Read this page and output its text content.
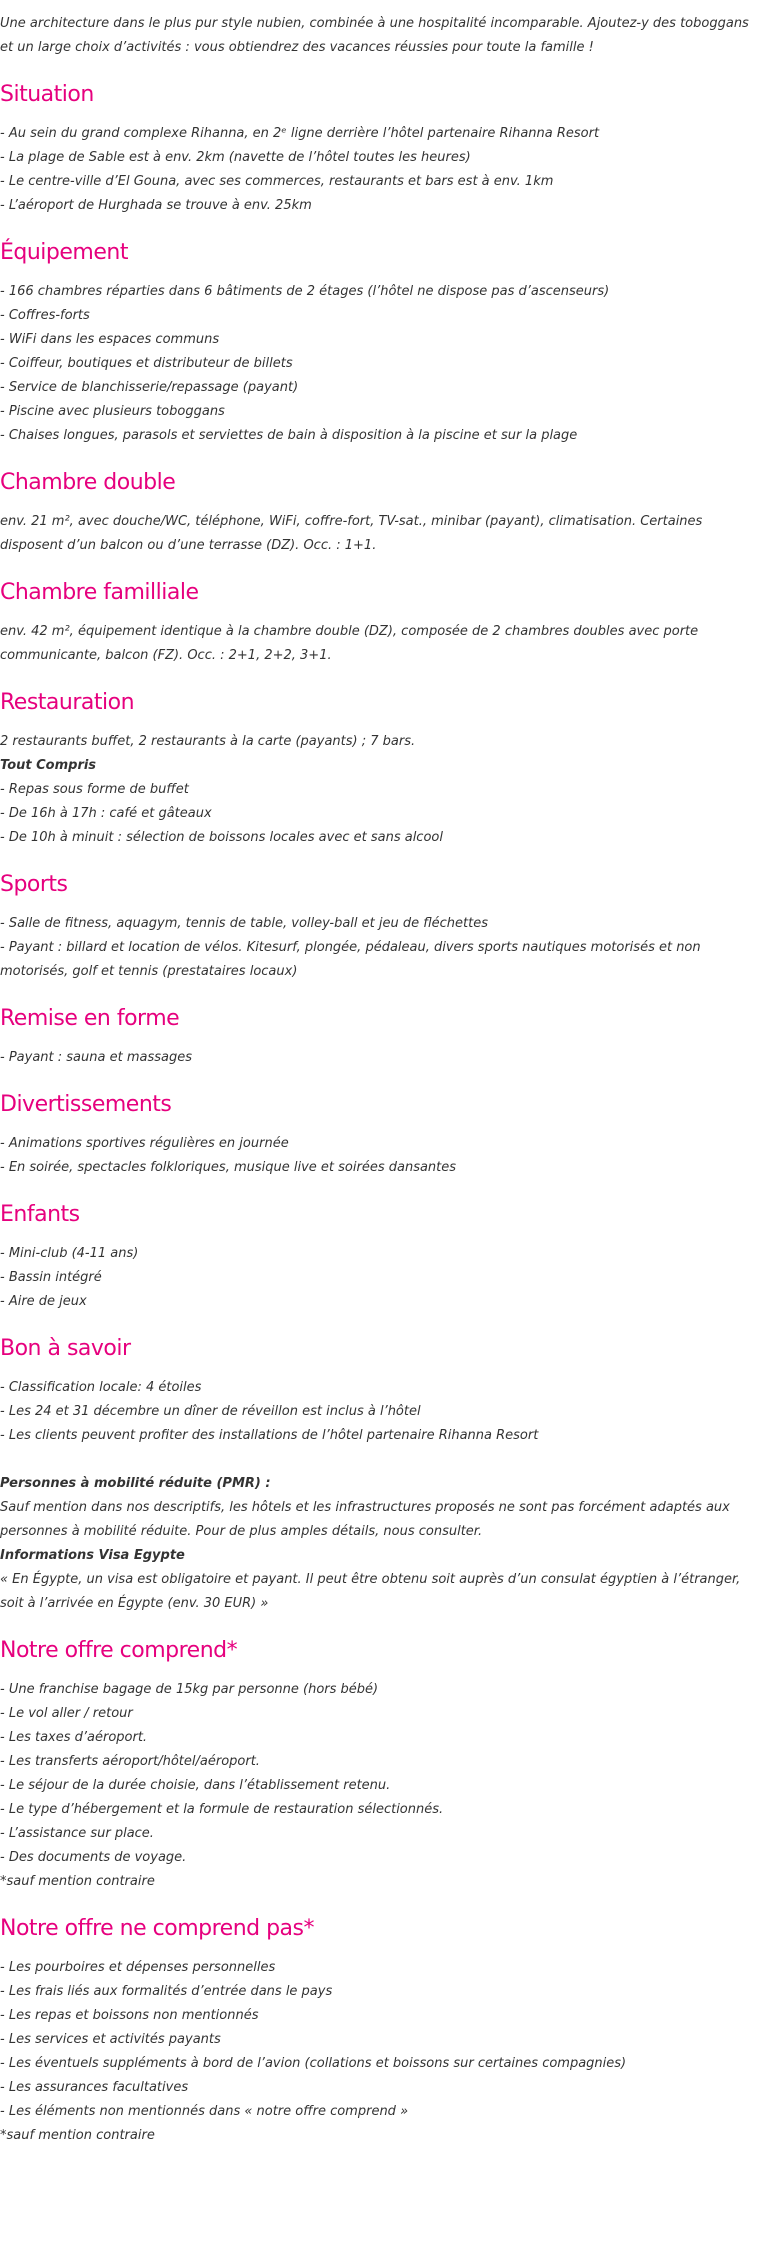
Une architecture dans le plus pur style nubien, combinée à une hospitalité incomparable. Ajoutez-y des toboggans et un large choix d’activités : vous obtiendrez des vacances réussies pour toute la famille !

Situation
- Au sein du grand complexe Rihanna, en 2ᵉ ligne derrière l’hôtel partenaire Rihanna Resort
- La plage de Sable est à env. 2km (navette de l’hôtel toutes les heures)
- Le centre-ville d’El Gouna, avec ses commerces, restaurants et bars est à env. 1km
- L’aéroport de Hurghada se trouve à env. 25km
Équipement
- 166 chambres réparties dans 6 bâtiments de 2 étages (l’hôtel ne dispose pas d’ascenseurs)
- Coffres-forts
- WiFi dans les espaces communs
- Coiffeur, boutiques et distributeur de billets
- Service de blanchisserie/repassage (payant)
- Piscine avec plusieurs toboggans
- Chaises longues, parasols et serviettes de bain à disposition à la piscine et sur la plage
Chambre double

env. 21 m², avec douche/WC, téléphone, WiFi, coffre-fort, TV-sat., minibar (payant), climatisation. Certaines disposent d’un balcon ou d’une terrasse (DZ). Occ. : 1+1.

Chambre familliale

env. 42 m², équipement identique à la chambre double (DZ), composée de 2 chambres doubles avec porte communicante, balcon (FZ). Occ. : 2+1, 2+2, 3+1.

Restauration

2 restaurants buffet, 2 restaurants à la carte (payants) ; 7 bars.

Tout Compris
- Repas sous forme de buffet
- De 16h à 17h : café et gâteaux
- De 10h à minuit : sélection de boissons locales avec et sans alcool
Sports
- Salle de fitness, aquagym, tennis de table, volley-ball et jeu de fléchettes
- Payant : billard et location de vélos. Kitesurf, plongée, pédaleau, divers sports nautiques motorisés et non motorisés, golf et tennis (prestataires locaux)
Remise en forme
- Payant : sauna et massages
Divertissements
- Animations sportives régulières en journée
- En soirée, spectacles folkloriques, musique live et soirées dansantes
Enfants
- Mini-club (4-11 ans)
- Bassin intégré
- Aire de jeux
Bon à savoir
- Classification locale: 4 étoiles
- Les 24 et 31 décembre un dîner de réveillon est inclus à l’hôtel
- Les clients peuvent profiter des installations de l’hôtel partenaire Rihanna Resort
Personnes à mobilité réduite (PMR) :

Sauf mention dans nos descriptifs, les hôtels et les infrastructures proposés ne sont pas forcément adaptés aux personnes à mobilité réduite. Pour de plus amples détails, nous consulter.

Informations Visa Egypte

« En Égypte, un visa est obligatoire et payant. Il peut être obtenu soit auprès d’un consulat égyptien à l’étranger, soit à l’arrivée en Égypte (env. 30 EUR) »

Notre offre comprend*
- Une franchise bagage de 15kg par personne (hors bébé)
- Le vol aller / retour
- Les taxes d’aéroport.
- Les transferts aéroport/hôtel/aéroport.
- Le séjour de la durée choisie, dans l’établissement retenu.
- Le type d’hébergement et la formule de restauration sélectionnés.
- L’assistance sur place.
- Des documents de voyage.
*sauf mention contraire
Notre offre ne comprend pas*
- Les pourboires et dépenses personnelles
- Les frais liés aux formalités d’entrée dans le pays
- Les repas et boissons non mentionnés
- Les services et activités payants
- Les éventuels suppléments à bord de l’avion (collations et boissons sur certaines compagnies)
- Les assurances facultatives
- Les éléments non mentionnés dans « notre offre comprend »
*sauf mention contraire
